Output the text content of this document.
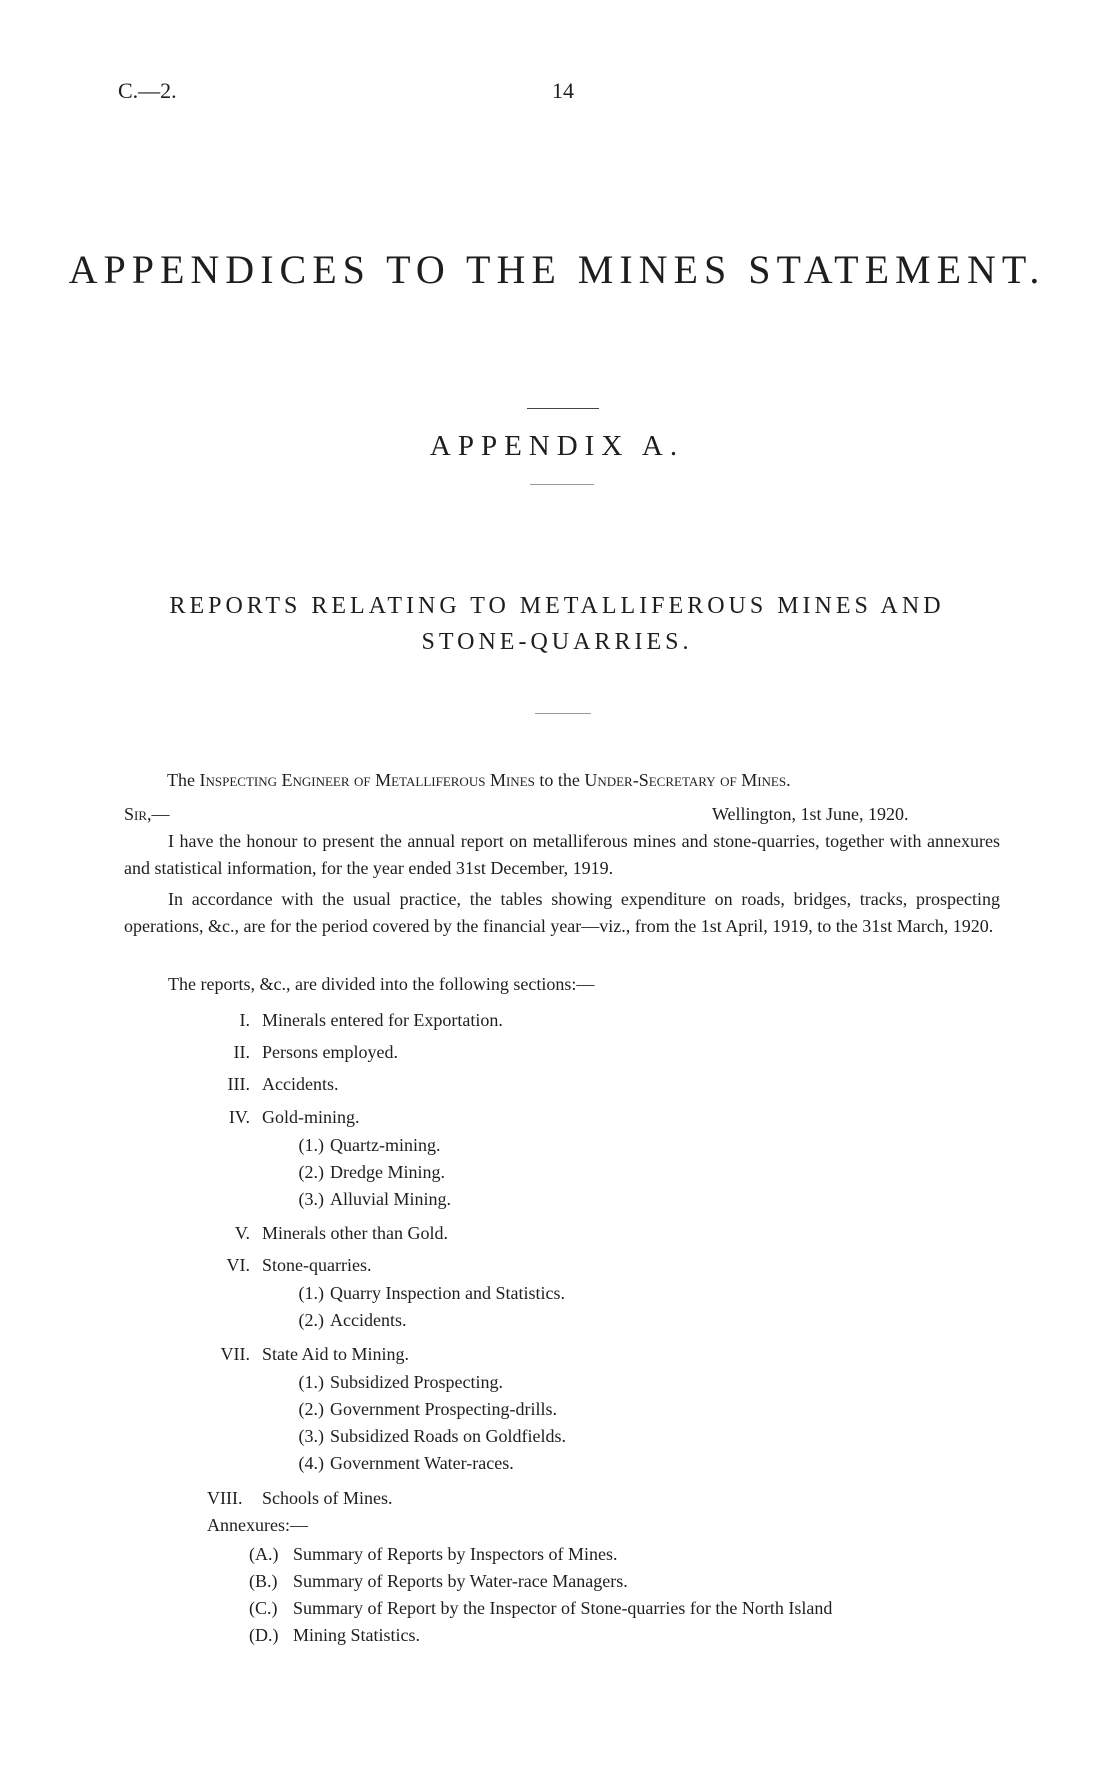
C.—2.	14
APPENDICES TO THE MINES STATEMENT.
APPENDIX A.
REPORTS RELATING TO METALLIFEROUS MINES AND
STONE-QUARRIES.
The Inspecting Engineer of Metalliferous Mines to the Under-Secretary of Mines.
Sir,—	Wellington, 1st June, 1920.
I have the honour to present the annual report on metalliferous mines and stone-quarries, together with annexures and statistical information, for the year ended 31st December, 1919.
In accordance with the usual practice, the tables showing expenditure on roads, bridges, tracks, prospecting operations, &c., are for the period covered by the financial year—viz., from the 1st April, 1919, to the 31st March, 1920.
The reports, &c., are divided into the following sections:—
I. Minerals entered for Exportation.
II. Persons employed.
III. Accidents.
IV. Gold-mining.
(1.) Quartz-mining.
(2.) Dredge Mining.
(3.) Alluvial Mining.
V. Minerals other than Gold.
VI. Stone-quarries.
(1.) Quarry Inspection and Statistics.
(2.) Accidents.
VII. State Aid to Mining.
(1.) Subsidized Prospecting.
(2.) Government Prospecting-drills.
(3.) Subsidized Roads on Goldfields.
(4.) Government Water-races.
VIII. Schools of Mines.
Annexures:—
(A.) Summary of Reports by Inspectors of Mines.
(B.) Summary of Reports by Water-race Managers.
(C.) Summary of Report by the Inspector of Stone-quarries for the North Island
(D.) Mining Statistics.
